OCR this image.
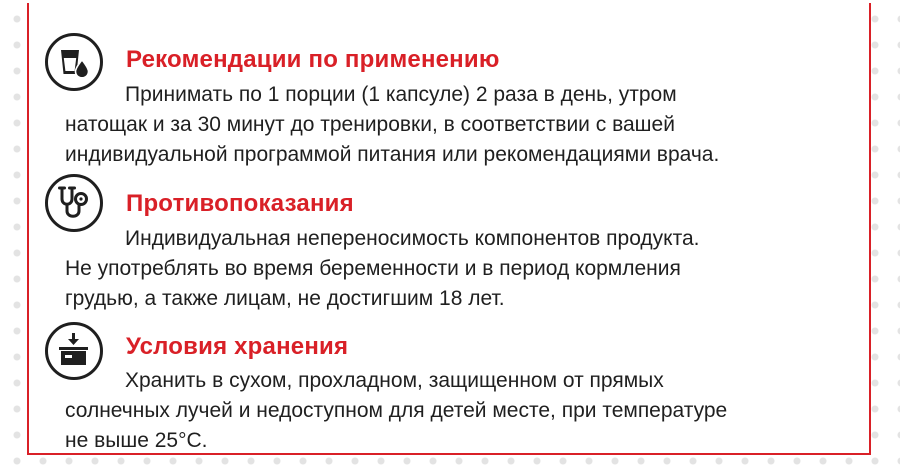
Рекомендации по применению

Принимать по 1 порции (1 капсуле) 2 раза в день, утром
натощак и за 30 минут до тренировки, в соответствии с вашей
индивидуальной программой питания или рекомендациями врача.

Противопоказания

Индивидуальная непереносимость компонентов продукта.
Не употреблять во время беременности и в период кормления
грудью, а также лицам, не достигшим 18 лет.

Условия хранения

Хранить в сухом, прохладном, защищенном от прямых
солнечных лучей и недоступном для детей месте, при температуре
не выше 25°C.
